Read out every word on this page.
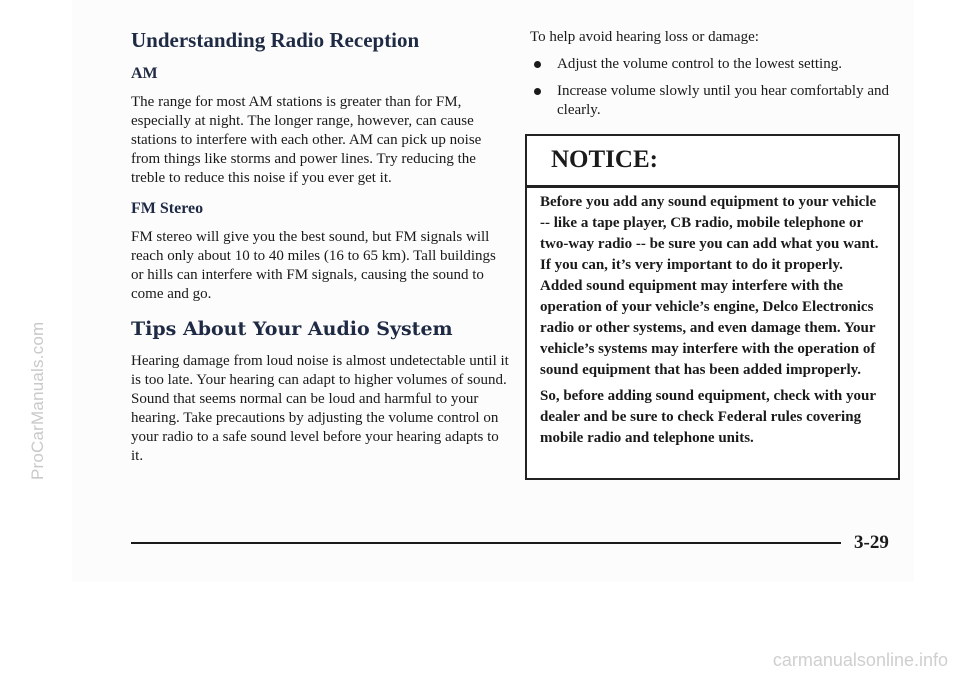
ProCarManuals.com
Understanding Radio Reception
AM

The range for most AM stations is greater than for FM, especially at night. The longer range, however, can cause stations to interfere with each other. AM can pick up noise from things like storms and power lines. Try reducing the treble to reduce this noise if you ever get it.

FM Stereo

FM stereo will give you the best sound, but FM signals will reach only about 10 to 40 miles (16 to 65 km). Tall buildings or hills can interfere with FM signals, causing the sound to come and go.

Tips About Your Audio System

Hearing damage from loud noise is almost undetectable until it is too late. Your hearing can adapt to higher volumes of sound. Sound that seems normal can be loud and harmful to your hearing. Take precautions by adjusting the volume control on your radio to a safe sound level before your hearing adapts to it.

To help avoid hearing loss or damage:

Adjust the volume control to the lowest setting.
Increase volume slowly until you hear comfortably and clearly.
NOTICE:

Before you add any sound equipment to your vehicle -- like a tape player, CB radio, mobile telephone or two-way radio -- be sure you can add what you want. If you can, it’s very important to do it properly. Added sound equipment may interfere with the operation of your vehicle’s engine, Delco Electronics radio or other systems, and even damage them. Your vehicle’s systems may interfere with the operation of sound equipment that has been added improperly.

So, before adding sound equipment, check with your dealer and be sure to check Federal rules covering mobile radio and telephone units.

3-29
carmanualsonline.info
